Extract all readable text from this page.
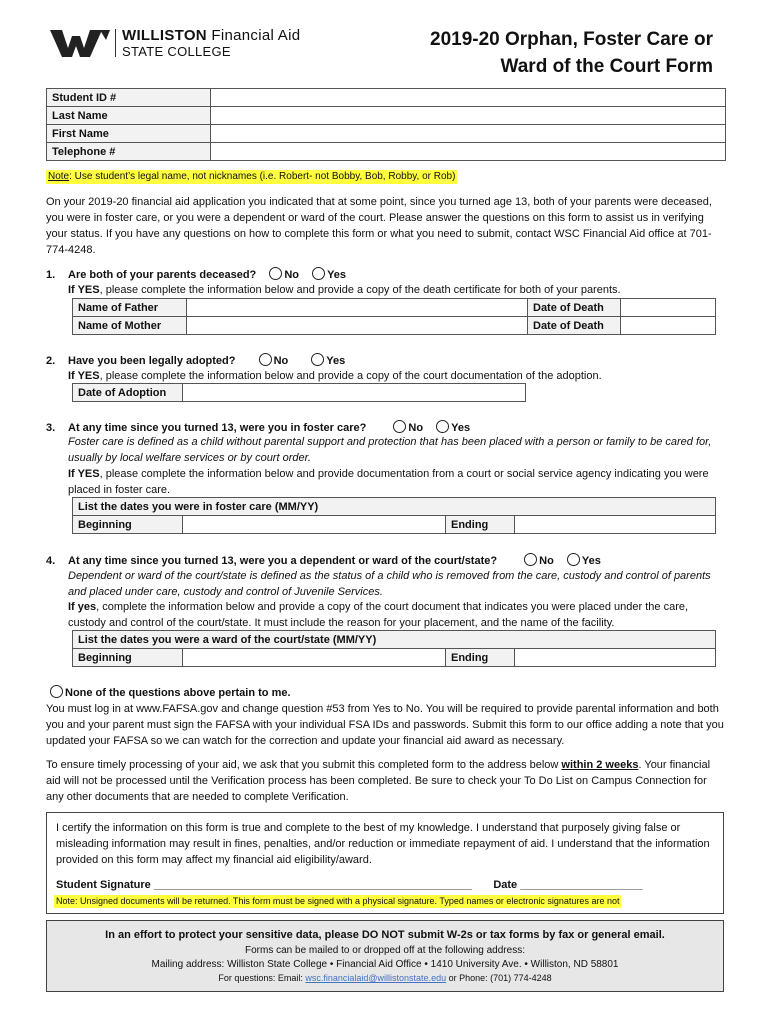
WILLISTON Financial Aid
STATE COLLEGE
2019-20 Orphan, Foster Care or
Ward of the Court Form
Student ID #	
Last Name	
First Name	
Telephone #	
Note: Use student’s legal name, not nicknames (i.e. Robert- not Bobby, Bob, Robby, or Rob)
On your 2019-20 financial aid application you indicated that at some point, since you turned age 13, both of your parents were deceased, you were in foster care, or you were a dependent or ward of the court. Please answer the questions on this form to assist us in verifying your status. If you have any questions on how to complete this form or what you need to submit, contact WSC Financial Aid office at 701-774-4248.
1. Are both of your parents deceased?	No	Yes
If YES, please complete the information below and provide a copy of the death certificate for both of your parents.
Name of Father		Date of Death	
Name of Mother		Date of Death	
2. Have you been legally adopted?	No	Yes
If YES, please complete the information below and provide a copy of the court documentation of the adoption.
Date of Adoption	
3. At any time since you turned 13, were you in foster care?	No	Yes
Foster care is defined as a child without parental support and protection that has been placed with a person or family to be cared for, usually by local welfare services or by court order.
If YES, please complete the information below and provide documentation from a court or social service agency indicating you were placed in foster care.
List the dates you were in foster care (MM/YY)
Beginning		Ending	
4. At any time since you turned 13, were you a dependent or ward of the court/state?	No	Yes
Dependent or ward of the court/state is defined as the status of a child who is removed from the care, custody and control of parents and placed under care, custody and control of Juvenile Services.
If yes, complete the information below and provide a copy of the court document that indicates you were placed under the care, custody and control of the court/state. It must include the reason for your placement, and the name of the facility.
List the dates you were a ward of the court/state (MM/YY)
Beginning		Ending	
None of the questions above pertain to me.
You must log in at www.FAFSA.gov and change question #53 from Yes to No. You will be required to provide parental information and both you and your parent must sign the FAFSA with your individual FSA IDs and passwords. Submit this form to our office adding a note that you updated your FAFSA so we can watch for the correction and update your financial aid award as necessary.
To ensure timely processing of your aid, we ask that you submit this completed form to the address below within 2 weeks. Your financial aid will not be processed until the Verification process has been completed. Be sure to check your To Do List on Campus Connection for any other documents that are needed to complete Verification.
I certify the information on this form is true and complete to the best of my knowledge. I understand that purposely giving false or misleading information may result in fines, penalties, and/or reduction or immediate repayment of aid. I understand that the information provided on this form may affect my financial aid eligibility/award.
Student Signature ____________________________________________________ Date ____________________
Note: Unsigned documents will be returned. This form must be signed with a physical signature. Typed names or electronic signatures are not
In an effort to protect your sensitive data, please DO NOT submit W-2s or tax forms by fax or general email.
Forms can be mailed to or dropped off at the following address:
Mailing address: Williston State College • Financial Aid Office • 1410 University Ave. • Williston, ND 58801
For questions: Email: wsc.financialaid@willistonstate.edu or Phone: (701) 774-4248
